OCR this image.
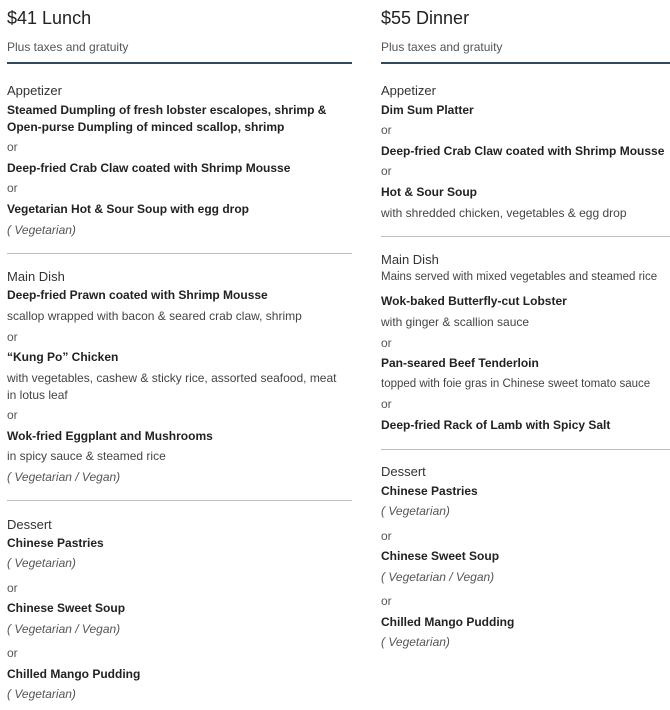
$41 Lunch
Plus taxes and gratuity
Appetizer
Steamed Dumpling of fresh lobster escalopes, shrimp & Open-purse Dumpling of minced scallop, shrimp
or
Deep-fried Crab Claw coated with Shrimp Mousse
or
Vegetarian Hot & Sour Soup with egg drop
( Vegetarian)
Main Dish
Deep-fried Prawn coated with Shrimp Mousse
scallop wrapped with bacon & seared crab claw, shrimp
or
“Kung Po” Chicken
with vegetables, cashew & sticky rice, assorted seafood, meat in lotus leaf
or
Wok-fried Eggplant and Mushrooms
in spicy sauce & steamed rice
( Vegetarian / Vegan)
Dessert
Chinese Pastries
( Vegetarian)
or
Chinese Sweet Soup
( Vegetarian / Vegan)
or
Chilled Mango Pudding
( Vegetarian)
$55 Dinner
Plus taxes and gratuity
Appetizer
Dim Sum Platter
or
Deep-fried Crab Claw coated with Shrimp Mousse
or
Hot & Sour Soup
with shredded chicken, vegetables & egg drop
Main Dish
Mains served with mixed vegetables and steamed rice
Wok-baked Butterfly-cut Lobster
with ginger & scallion sauce
or
Pan-seared Beef Tenderloin
topped with foie gras in Chinese sweet tomato sauce
or
Deep-fried Rack of Lamb with Spicy Salt
Dessert
Chinese Pastries
( Vegetarian)
or
Chinese Sweet Soup
( Vegetarian / Vegan)
or
Chilled Mango Pudding
( Vegetarian)
